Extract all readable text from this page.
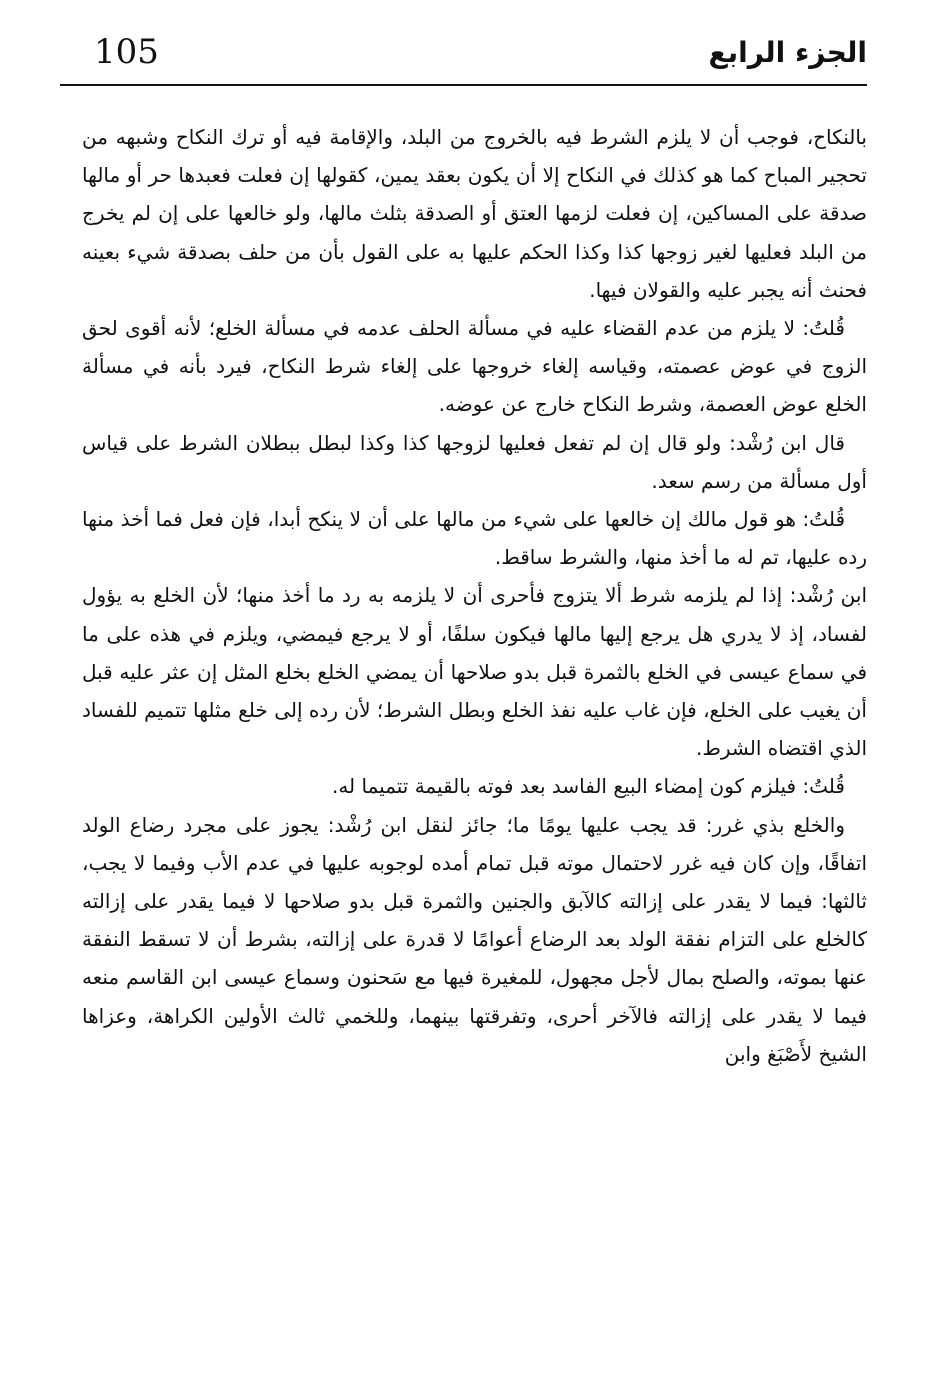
105	الجزء الرابع

بالنكاح، فوجب أن لا يلزم الشرط فيه بالخروج من البلد، والإقامة فيه أو ترك النكاح وشبهه من تحجير المباح كما هو كذلك في النكاح إلا أن يكون بعقد يمين، كقولها إن فعلت فعبدها حر أو مالها صدقة على المساكين، إن فعلت لزمها العتق أو الصدقة بثلث مالها، ولو خالعها على إن لم يخرج من البلد فعليها لغير زوجها كذا وكذا الحكم عليها به على القول بأن من حلف بصدقة شيء بعينه فحنث أنه يجبر عليه والقولان فيها.

قُلتُ: لا يلزم من عدم القضاء عليه في مسألة الحلف عدمه في مسألة الخلع؛ لأنه أقوى لحق الزوج في عوض عصمته، وقياسه إلغاء خروجها على إلغاء شرط النكاح، فيرد بأنه في مسألة الخلع عوض العصمة، وشرط النكاح خارج عن عوضه.

قال ابن رُشْد: ولو قال إن لم تفعل فعليها لزوجها كذا وكذا لبطل ببطلان الشرط على قياس أول مسألة من رسم سعد.

قُلتُ: هو قول مالك إن خالعها على شيء من مالها على أن لا ينكح أبدا، فإن فعل فما أخذ منها رده عليها، تم له ما أخذ منها، والشرط ساقط.

ابن رُشْد: إذا لم يلزمه شرط ألا يتزوج فأحرى أن لا يلزمه به رد ما أخذ منها؛ لأن الخلع به يؤول لفساد، إذ لا يدري هل يرجع إليها مالها فيكون سلفًا، أو لا يرجع فيمضي، ويلزم في هذه على ما في سماع عيسى في الخلع بالثمرة قبل بدو صلاحها أن يمضي الخلع بخلع المثل إن عثر عليه قبل أن يغيب على الخلع، فإن غاب عليه نفذ الخلع وبطل الشرط؛ لأن رده إلى خلع مثلها تتميم للفساد الذي اقتضاه الشرط.

قُلتُ: فيلزم كون إمضاء البيع الفاسد بعد فوته بالقيمة تتميما له.

والخلع بذي غرر: قد يجب عليها يومًا ما؛ جائز لنقل ابن رُشْد: يجوز على مجرد رضاع الولد اتفاقًا، وإن كان فيه غرر لاحتمال موته قبل تمام أمده لوجوبه عليها في عدم الأب وفيما لا يجب، ثالثها: فيما لا يقدر على إزالته كالآبق والجنين والثمرة قبل بدو صلاحها لا فيما يقدر على إزالته كالخلع على التزام نفقة الولد بعد الرضاع أعوامًا لا قدرة على إزالته، بشرط أن لا تسقط النفقة عنها بموته، والصلح بمال لأجل مجهول، للمغيرة فيها مع سَحنون وسماع عيسى ابن القاسم منعه فيما لا يقدر على إزالته فالآخر أحرى، وتفرقتها بينهما، وللخمي ثالث الأولين الكراهة، وعزاها الشيخ لأَصْبَغ وابن
